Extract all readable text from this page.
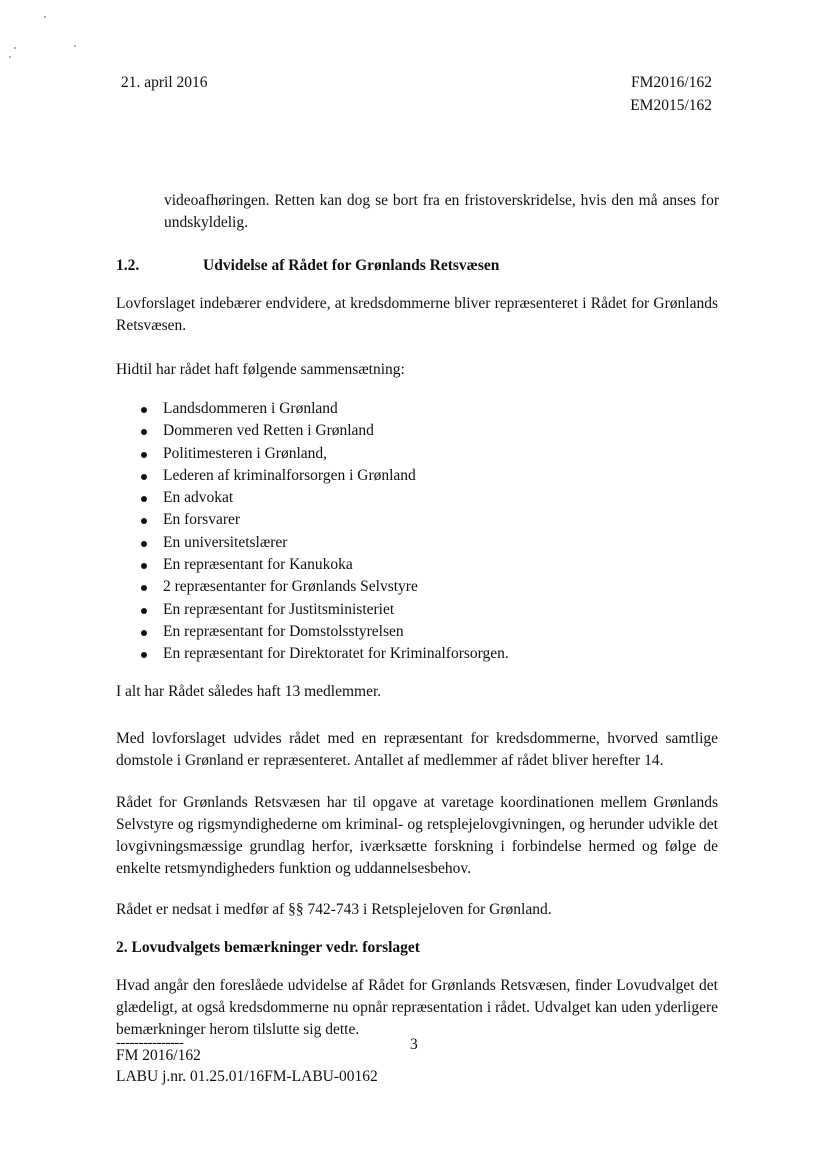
21. april 2016	FM2016/162
EM2015/162
videoafhøringen. Retten kan dog se bort fra en fristoverskridelse, hvis den må anses for undskyldelig.
1.2.	Udvidelse af Rådet for Grønlands Retsvæsen
Lovforslaget indebærer endvidere, at kredsdommerne bliver repræsenteret i Rådet for Grønlands Retsvæsen.
Hidtil har rådet haft følgende sammensætning:
Landsdommeren i Grønland
Dommeren ved Retten i Grønland
Politimesteren i Grønland,
Lederen af kriminalforsorgen i Grønland
En advokat
En forsvarer
En universitetslærer
En repræsentant for Kanukoka
2 repræsentanter for Grønlands Selvstyre
En repræsentant for Justitsministeriet
En repræsentant for Domstolsstyrelsen
En repræsentant for Direktoratet for Kriminalforsorgen.
I alt har Rådet således haft 13 medlemmer.
Med lovforslaget udvides rådet med en repræsentant for kredsdommerne, hvorved samtlige domstole i Grønland er repræsenteret. Antallet af medlemmer af rådet bliver herefter 14.
Rådet for Grønlands Retsvæsen har til opgave at varetage koordinationen mellem Grønlands Selvstyre og rigsmyndighederne om kriminal- og retsplejelovgivningen, og herunder udvikle det lovgivningsmæssige grundlag herfor, iværksætte forskning i forbindelse hermed og følge de enkelte retsmyndigheders funktion og uddannelsesbehov.
Rådet er nedsat i medfør af §§ 742-743 i Retsplejeloven for Grønland.
2. Lovudvalgets bemærkninger vedr. forslaget
Hvad angår den foreslåede udvidelse af Rådet for Grønlands Retsvæsen, finder Lovudvalget det glædeligt, at også kredsdommerne nu opnår repræsentation i rådet. Udvalget kan uden yderligere bemærkninger herom tilslutte sig dette.
---------------	3
FM 2016/162
LABU j.nr. 01.25.01/16FM-LABU-00162
